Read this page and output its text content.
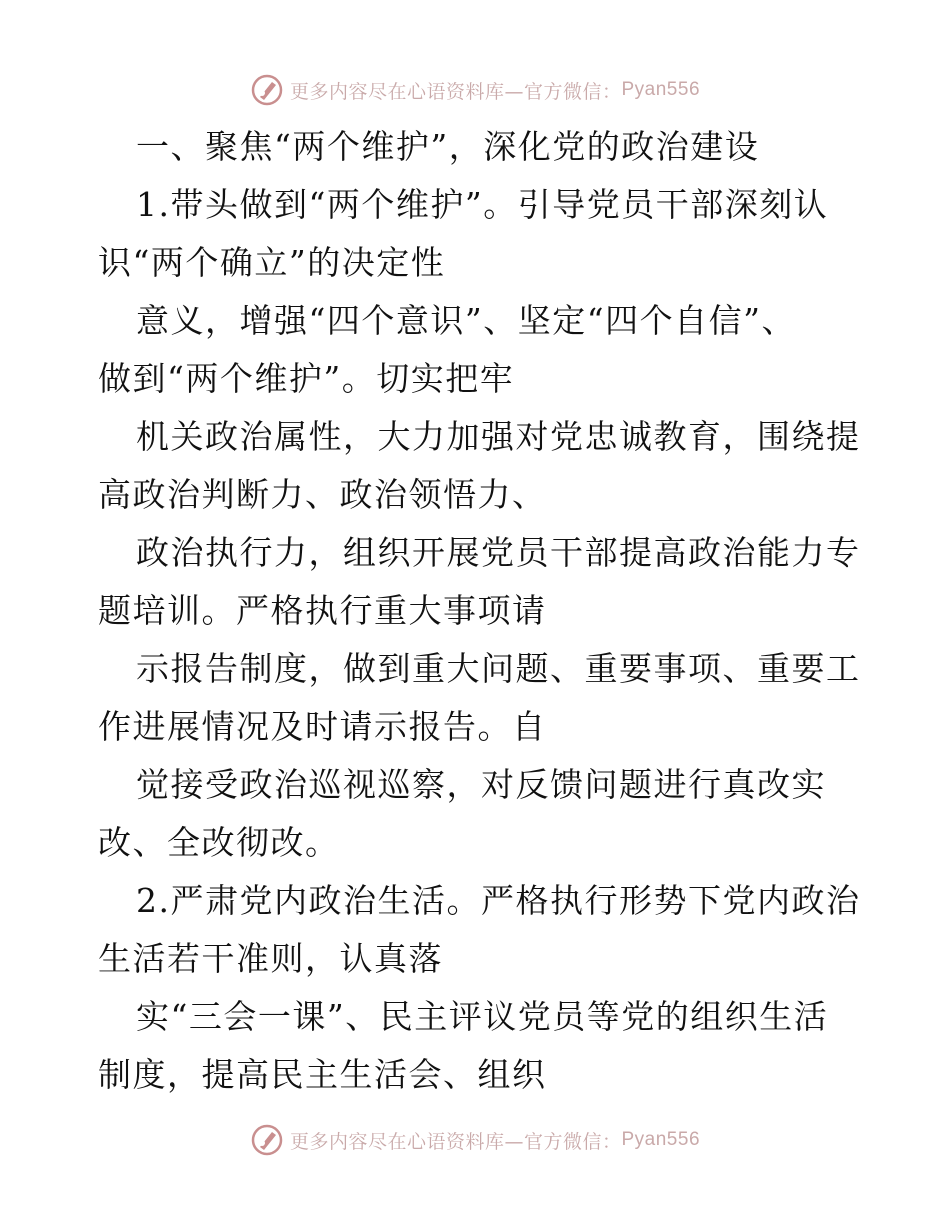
更多内容尽在心语资料库—官方微信： Pyan556
一、聚焦“两个维护”，深化党的政治建设
1.带头做到“两个维护”。引导党员干部深刻认
识“两个确立”的决定性
意义，增强“四个意识”、坚定“四个自信”、
做到“两个维护”。切实把牢
机关政治属性，大力加强对党忠诚教育，围绕提
高政治判断力、政治领悟力、
政治执行力，组织开展党员干部提高政治能力专
题培训。严格执行重大事项请
示报告制度，做到重大问题、重要事项、重要工
作进展情况及时请示报告。自
觉接受政治巡视巡察，对反馈问题进行真改实
改、全改彻改。
2.严肃党内政治生活。严格执行形势下党内政治
生活若干准则，认真落
实“三会一课”、民主评议党员等党的组织生活
制度，提高民主生活会、组织
更多内容尽在心语资料库—官方微信： Pyan556
